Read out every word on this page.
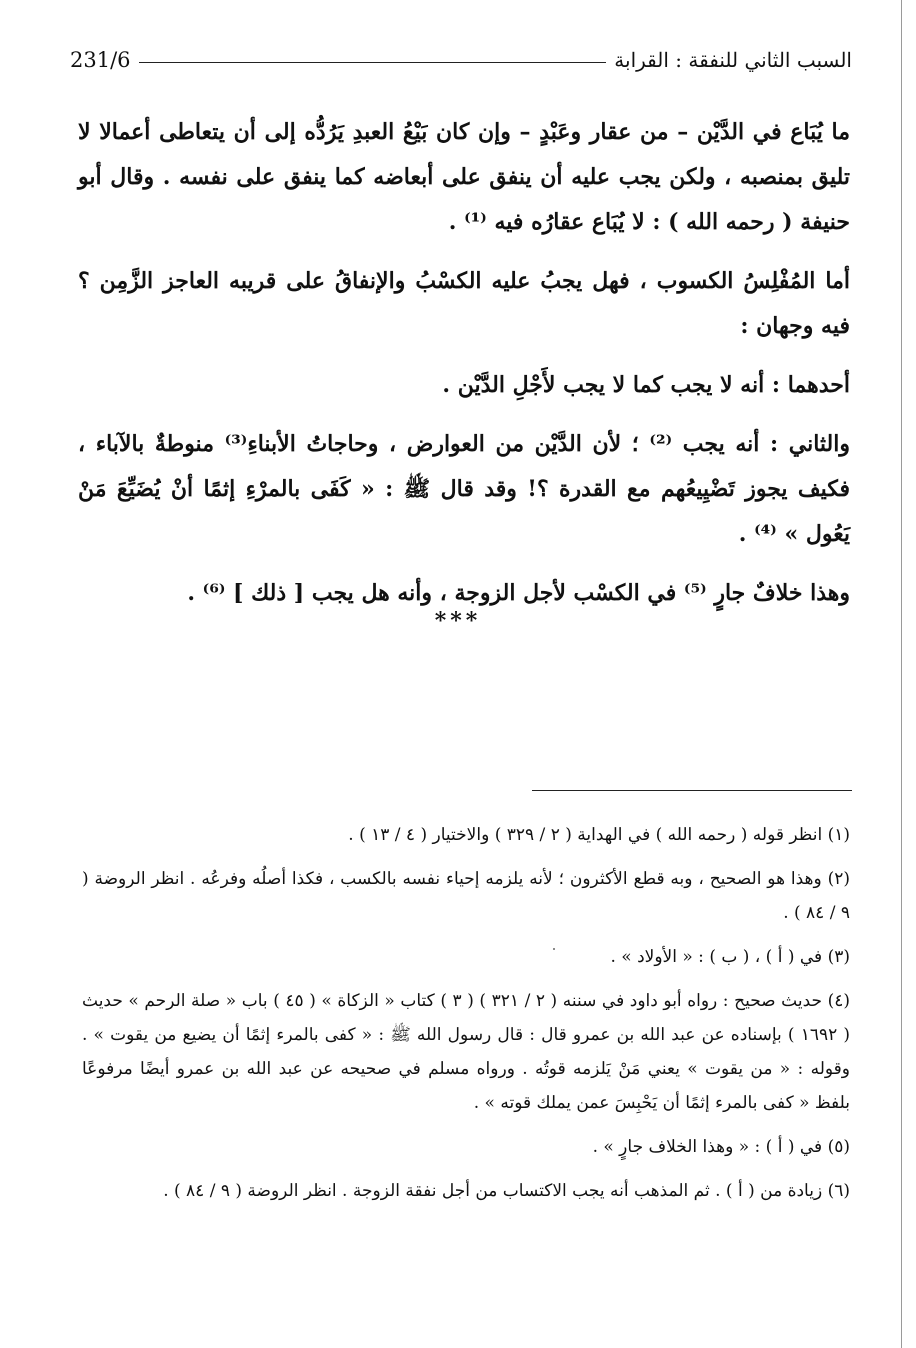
السبب الثاني للنفقة : القرابة
231/6

ما يُبَاع في الدَّيْن – من عقار وعَبْدٍ – وإن كان بَيْعُ العبدِ يَرُدُّه إلى أن يتعاطى أعمالا لا تليق بمنصبه ، ولكن يجب عليه أن ينفق على أبعاضه كما ينفق على نفسه . وقال أبو حنيفة ( رحمه الله ) : لا يُبَاع عقارُه فيه ⁽¹⁾ .

أما المُفْلِسُ الكسوب ، فهل يجبُ عليه الكسْبُ والإنفاقُ على قريبه العاجز الزَّمِن ؟ فيه وجهان :

أحدهما : أنه لا يجب كما لا يجب لأَجْلِ الدَّيْن .

والثاني : أنه يجب ⁽²⁾ ؛ لأن الدَّيْن من العوارض ، وحاجاتُ الأبناءِ⁽³⁾ منوطةٌ بالآباء ، فكيف يجوز تَضْيِيعُهم مع القدرة ؟! وقد قال ﷺ : « كَفَى بالمرْءِ إثمًا أنْ يُضَيِّعَ مَنْ يَعُول » ⁽⁴⁾ .

وهذا خلافٌ جارٍ ⁽⁵⁾ في الكسْب لأجل الزوجة ، وأنه هل يجب [ ذلك ] ⁽⁶⁾ .

***

(١) انظر قوله ( رحمه الله ) في الهداية ( ٢ / ٣٢٩ ) والاختيار ( ٤ / ١٣ ) .

(٢) وهذا هو الصحيح ، وبه قطع الأكثرون ؛ لأنه يلزمه إحياء نفسه بالكسب ، فكذا أصلُه وفرعُه . انظر الروضة ( ٩ / ٨٤ ) .

(٣) في ( أ ) ، ( ب ) : « الأولاد » .

(٤) حديث صحيح : رواه أبو داود في سننه ( ٢ / ٣٢١ ) ( ٣ ) كتاب « الزكاة » ( ٤٥ ) باب « صلة الرحم » حديث ( ١٦٩٢ ) بإسناده عن عبد الله بن عمرو قال : قال رسول الله ﷺ : « كفى بالمرء إثمًا أن يضيع من يقوت » . وقوله : « من يقوت » يعني مَنْ يَلزمه قوتُه . ورواه مسلم في صحيحه عن عبد الله بن عمرو أيضًا مرفوعًا بلفظ « كفى بالمرء إثمًا أن يَحْبِسَ عمن يملك قوته » .

(٥) في ( أ ) : « وهذا الخلاف جارٍ » .

(٦) زيادة من ( أ ) . ثم المذهب أنه يجب الاكتساب من أجل نفقة الزوجة . انظر الروضة ( ٩ / ٨٤ ) .
